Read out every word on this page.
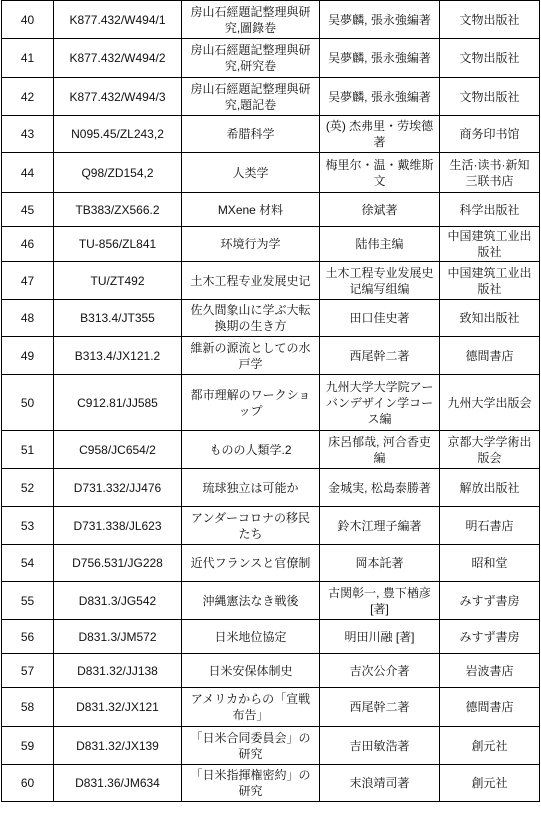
40	K877.432/W494/1	房山石經題記整理與研究,圖錄卷	吴夢麟, 張永強編著	文物出版社
41	K877.432/W494/2	房山石經題記整理與研究,研究卷	吴夢麟, 張永強編著	文物出版社
42	K877.432/W494/3	房山石經題記整理與研究,題記卷	吴夢麟, 張永強編著	文物出版社
43	N095.45/ZL243,2	希腊科学	(英) 杰弗里・劳埃德著	商务印书馆
44	Q98/ZD154,2	人类学	梅里尔・温・戴维斯文	生活·读书·新知三联书店
45	TB383/ZX566.2	MXene 材料	徐斌著	科学出版社
46	TU-856/ZL841	环境行为学	陆伟主编	中国建筑工业出版社
47	TU/ZT492	土木工程专业发展史记	土木工程专业发展史记编写组编	中国建筑工业出版社
48	B313.4/JT355	佐久間象山に学ぶ大転換期の生き方	田口佳史著	致知出版社
49	B313.4/JX121.2	維新の源流としての水戸学	西尾幹二著	德間書店
50	C912.81/JJ585	都市理解のワークショップ	九州大学大学院アーバンデザイン学コース編	九州大学出版会
51	C958/JC654/2	ものの人類学.2	床呂郁哉, 河合香吏編	京都大学学術出版会
52	D731.332/JJ476	琉球独立は可能か	金城実, 松島泰勝著	解放出版社
53	D731.338/JL623	アンダーコロナの移民たち	鈴木江理子編著	明石書店
54	D756.531/JG228	近代フランスと官僚制	岡本託著	昭和堂
55	D831.3/JG542	沖縄憲法なき戦後	古関彰一, 豊下楢彦 [著]	みすず書房
56	D831.3/JM572	日米地位協定	明田川融 [著]	みすず書房
57	D831.32/JJ138	日米安保体制史	吉次公介著	岩波書店
58	D831.32/JX121	アメリカからの「宣戦布告」	西尾幹二著	德間書店
59	D831.32/JX139	「日米合同委員会」の研究	吉田敏浩著	創元社
60	D831.36/JM634	「日米指揮権密約」の研究	末浪靖司著	創元社
